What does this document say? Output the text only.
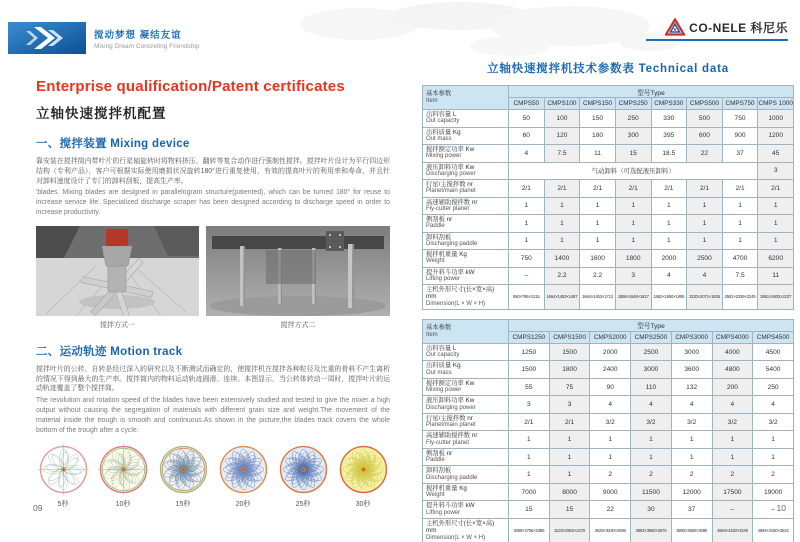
搅动梦想 凝结友谊
Mixing Dream Concreting Friendship
CO-NELE 科尼乐
Enterprise qualification/Patent certificates
立轴快速搅拌机配置
一、搅拌装置 Mixing device

靠安装在搅拌筒内带叶片的行星轴旋转时将物料挤压、翻转等复合动作进行强制性搅拌。搅拌叶片设计为平行四边形结构（专利产品），客户可根据实际使用磨损状况旋转180°进行重复使用，有效的提高叶片的利用率和寿命，并且针对卸料速度设计了专门的卸料刮板，提高生产率。

'blades. Mixing blades are designed in parallelogram structure(patented), which can be turned 180° for reuse to increase service life. Specialized discharge scraper has been designed according to discharge speed in order to increase productivity.

搅拌方式一	搅拌方式二
二、运动轨迹 Motion track

搅拌叶片的公转、自转是经过深入的研究以及不断测试而确定的，使搅拌机在搅拌各种粒径及比重的骨料不产生离析的情况下得到最大的生产率。搅拌筒内的物料运动轨迹圆滑、连续。本图显示，当公转体转动一周时，搅拌叶片的运动轨迹覆盖了整个搅拌筒。

The revolution and rotation speed of the blades have been extensively studied and tested to give the mixer a high output without causing the segregation of materials with different grain size and weight.The movement of the material inside the trough is smooth and continuous.As shown in the picture,the blades track covers the whole bottom of the trough after a cycle.

5秒	10秒	15秒	20秒	25秒	30秒
立轴快速搅拌机技术参数表 Technical data
基本参数
Item	型号Type							
	CMPS50	CMPS100	CMPS150	CMPS250	CMPS330	CMPS500	CMPS750	CMPS 1000

出料容量 L
Out capacity	50	100	150	250	330	500	750	1000

出料质量 Kg
Out mass	60	120	180	300	395	600	900	1200

搅拌额定功率 Kw
Mixing power	4	7.5	11	15	18.5	22	37	45

液压卸料功率 Kw
Discharging power	气动卸料（可选配液压卸料）							3

行星/主搅拌数 nr
Planet/main planet	2/1	2/1	2/1	2/1	2/1	2/1	2/1	2/1

高速辅助搅拌数 nr
Fly-cutter planet	1	1	1	1	1	1	1	1

侧刮板 nr
Paddle	1	1	1	1	1	1	1	1

卸料刮板
Discharging paddle	1	1	1	1	1	1	1	1

搅拌机重量 Kg
Weight	750	1400	1600	1800	2000	2500	4700	6200

提升料斗功率 kW
Lifting power	–	2.2	2.2	3	4	4	7.5	11

主机外形尺寸(长×宽×高) mm
Dimension(L × W × H)	950×786×1215	1664×1453×1487	1664×1453×1712	1856×1648×1817	1862×1850×1895	2220×2071×1935	2581×2336×2245	2861×2602×2237
基本参数
Item	型号Type						
	CMPS1250	CMPS1500	CMPS2000	CMPS2500	CMPS3000	CMPS4000	CMPS4500

出料容量 L
Out capacity	1250	1500	2000	2500	3000	4000	4500

出料质量 Kg
Out mass	1500	1800	2400	3000	3600	4800	5400

搅拌额定功率 Kw
Mixing power	55	75	90	110	132	200	250

液压卸料功率 Kw
Discharging power	3	3	4	4	4	4	4

行星/主搅拌数 nr
Planet/main planet	2/1	2/1	3/2	3/2	3/2	3/2	3/2

高速辅助搅拌数 nr
Fly-cutter planet	1	1	1	1	1	1	1

侧刮板 nr
Paddle	1	1	1	1	1	1	1

卸料刮板
Discharging paddle	1	1	2	2	2	2	2

搅拌机重量 Kg
Weight	7000	8000	9000	11500	12000	17500	19000

提升料斗功率 kW
Lifting power	15	15	22	30	37	–	–

主机外形尺寸(长×宽×高) mm
Dimension(L × W × H)	3058×2756×2395	3223×2902×2470	3625×3230×2695	3893×3550×2875	3893×3550×3085	4594×4150×3249	4594×4150×3634
09	10
